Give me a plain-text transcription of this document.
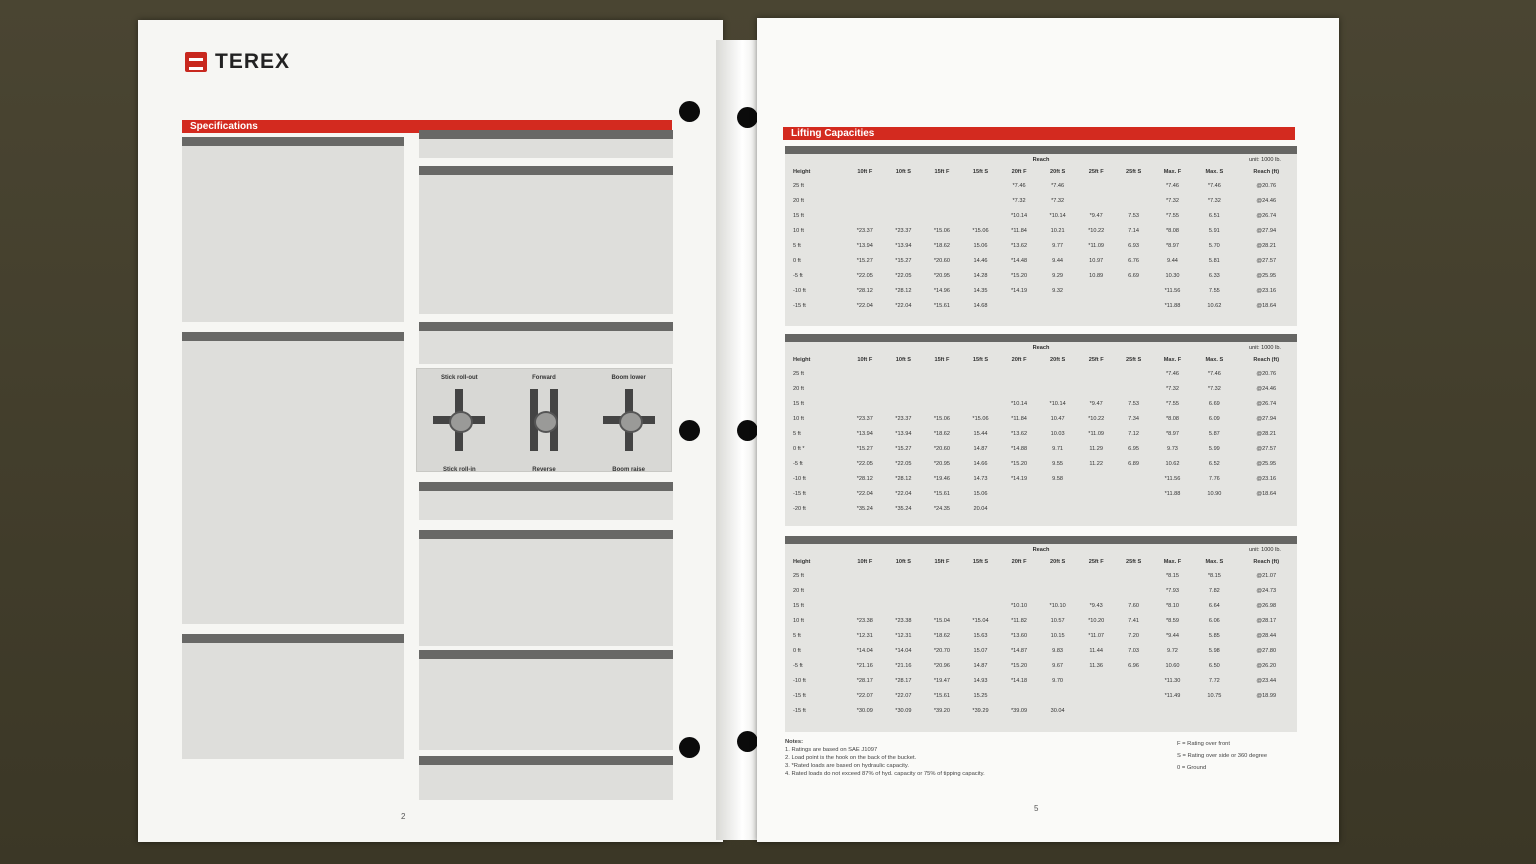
TEREX
Specifications
Stick roll-out
Stick roll-in
Forward
Reverse
Boom lower
Boom raise
2
Lifting Capacities
Reach	unit: 1000 lb.
Height	10ft F	10ft S	15ft F	15ft S	20ft F	20ft S	25ft F	25ft S	Max. F	Max. S	Reach (ft)
25 ft					*7.46	*7.46			*7.46	*7.46	@20.76
20 ft					*7.32	*7.32			*7.32	*7.32	@24.46
15 ft					*10.14	*10.14	*9.47	7.53	*7.55	6.51	@26.74
10 ft	*23.37	*23.37	*15.06	*15.06	*11.84	10.21	*10.22	7.14	*8.08	5.91	@27.94
5 ft	*13.94	*13.94	*18.62	15.06	*13.62	9.77	*11.09	6.93	*8.97	5.70	@28.21
0 ft	*15.27	*15.27	*20.60	14.46	*14.48	9.44	10.97	6.76	9.44	5.81	@27.57
-5 ft	*22.05	*22.05	*20.95	14.28	*15.20	9.29	10.89	6.69	10.30	6.33	@25.95
-10 ft	*28.12	*28.12	*14.96	14.35	*14.19	9.32			*11.56	7.55	@23.16
-15 ft	*22.04	*22.04	*15.61	14.68					*11.88	10.62	@18.64
Reach	unit: 1000 lb.
Height	10ft F	10ft S	15ft F	15ft S	20ft F	20ft S	25ft F	25ft S	Max. F	Max. S	Reach (ft)
25 ft									*7.46	*7.46	@20.76
20 ft									*7.32	*7.32	@24.46
15 ft					*10.14	*10.14	*9.47	7.53	*7.55	6.69	@26.74
10 ft	*23.37	*23.37	*15.06	*15.06	*11.84	10.47	*10.22	7.34	*8.08	6.09	@27.94
5 ft	*13.94	*13.94	*18.62	15.44	*13.62	10.03	*11.09	7.12	*8.97	5.87	@28.21
0 ft *	*15.27	*15.27	*20.60	14.87	*14.88	9.71	11.29	6.95	9.73	5.99	@27.57
-5 ft	*22.05	*22.05	*20.95	14.66	*15.20	9.55	11.22	6.89	10.62	6.52	@25.95
-10 ft	*28.12	*28.12	*19.46	14.73	*14.19	9.58			*11.56	7.76	@23.16
-15 ft	*22.04	*22.04	*15.61	15.06					*11.88	10.90	@18.64
-20 ft	*35.24	*35.24	*24.35	20.04							
Reach	unit: 1000 lb.
Height	10ft F	10ft S	15ft F	15ft S	20ft F	20ft S	25ft F	25ft S	Max. F	Max. S	Reach (ft)
25 ft									*8.15	*8.15	@21.07
20 ft									*7.93	7.82	@24.73
15 ft					*10.10	*10.10	*9.43	7.60	*8.10	6.64	@26.98
10 ft	*23.38	*23.38	*15.04	*15.04	*11.82	10.57	*10.20	7.41	*8.59	6.06	@28.17
5 ft	*12.31	*12.31	*18.62	15.63	*13.60	10.15	*11.07	7.20	*9.44	5.85	@28.44
0 ft	*14.04	*14.04	*20.70	15.07	*14.87	9.83	11.44	7.03	9.72	5.98	@27.80
-5 ft	*21.16	*21.16	*20.96	14.87	*15.20	9.67	11.36	6.96	10.60	6.50	@26.20
-10 ft	*28.17	*28.17	*19.47	14.93	*14.18	9.70			*11.30	7.72	@23.44
-15 ft	*22.07	*22.07	*15.61	15.25					*11.49	10.75	@18.99
-15 ft	*30.09	*30.09	*39.20	*39.29	*39.09	30.04					
Notes:
1. Ratings are based on SAE J1097
2. Load point is the hook on the back of the bucket.
3. *Rated loads are based on hydraulic capacity.
4. Rated loads do not exceed 87% of hyd. capacity or 75% of tipping capacity.
F = Rating over front
S = Rating over side or 360 degree
0 = Ground
5
